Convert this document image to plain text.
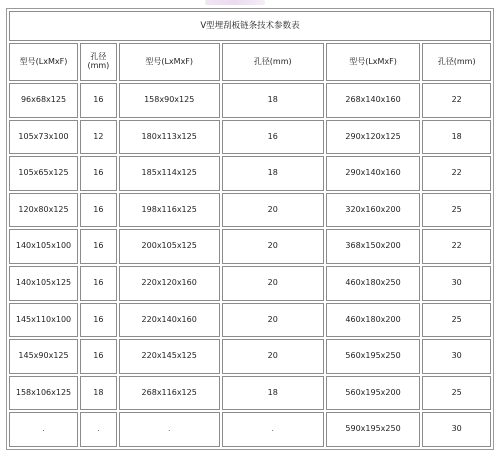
V型埋刮板链条技术参数表					
型号(LxMxF)	孔径(mm)	型号(LxMxF)	孔径(mm)	型号(LxMxF)	孔径(mm)
96x68x125	16	158x90x125	18	268x140x160	22
105x73x100	12	180x113x125	16	290x120x125	18
105x65x125	16	185x114x125	18	290x140x160	22
120x80x125	16	198x116x125	20	320x160x200	25
140x105x100	16	200x105x125	20	368x150x200	22
140x105x125	16	220x120x160	20	460x180x250	30
145x110x100	16	220x140x160	20	460x180x200	25
145x90x125	16	220x145x125	20	560x195x250	30
158x106x125	18	268x116x125	18	560x195x200	25
.	.	.	.	590x195x250	30
